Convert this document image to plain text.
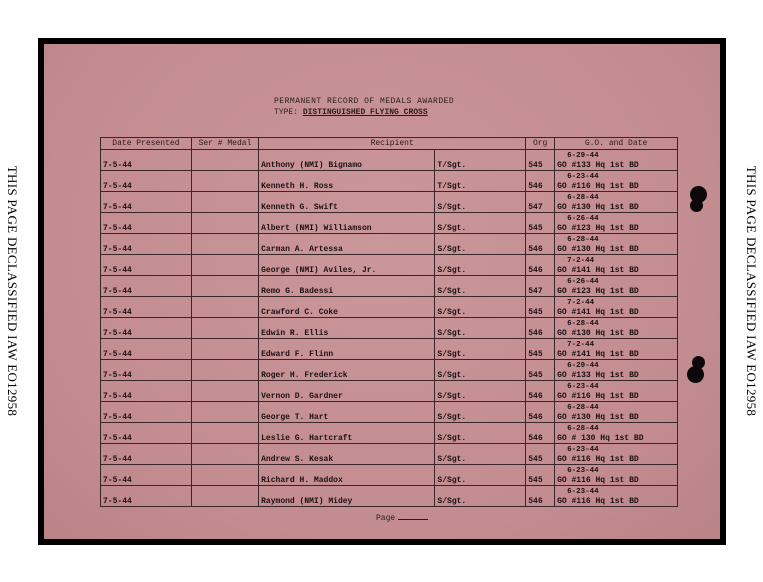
THIS PAGE DECLASSIFIED IAW EO12958	THIS PAGE DECLASSIFIED IAW EO12958
PERMANENT RECORD OF MEDALS AWARDED
TYPE: DISTINGUISHED FLYING CROSS
Date Presented	Ser # Medal	Recipient		Org	G.O. and Date
7-5-44		Anthony (NMI) Bignamo	T/Sgt.	545	6-29-44
GO #133 Hq 1st BD
7-5-44		Kenneth H. Ross	T/Sgt.	546	6-23-44
GO #116 Hq 1st BD
7-5-44		Kenneth G. Swift	S/Sgt.	547	6-28-44
GO #130 Hq 1st BD
7-5-44		Albert (NMI) Williamson	S/Sgt.	545	6-26-44
GO #123 Hq 1st BD
7-5-44		Carman A. Artessa	S/Sgt.	546	6-28-44
GO #130 Hq 1st BD
7-5-44		George (NMI) Aviles, Jr.	S/Sgt.	546	7-2-44
GO #141 Hq 1st BD
7-5-44		Remo G. Badessi	S/Sgt.	547	6-26-44
GO #123 Hq 1st BD
7-5-44		Crawford C. Coke	S/Sgt.	545	7-2-44
GO #141 Hq 1st BD
7-5-44		Edwin R. Ellis	S/Sgt.	546	6-28-44
GO #130 Hq 1st BD
7-5-44		Edward F. Flinn	S/Sgt.	545	7-2-44
GO #141 Hq 1st BD
7-5-44		Roger H. Frederick	S/Sgt.	545	6-29-44
GO #133 Hq 1st BD
7-5-44		Vernon D. Gardner	S/Sgt.	546	6-23-44
GO #116 Hq 1st BD
7-5-44		George T. Hart	S/Sgt.	546	6-28-44
GO #130 Hq 1st BD
7-5-44		Leslie G. Hartcraft	S/Sgt.	546	6-28-44
GO # 130 Hq 1st BD
7-5-44		Andrew S. Kesak	S/Sgt.	545	6-23-44
GO #116 Hq 1st BD
7-5-44		Richard H. Maddox	S/Sgt.	545	6-23-44
GO #116 Hq 1st BD
7-5-44		Raymond (NMI) Midey	S/Sgt.	546	6-23-44
GO #116 Hq 1st BD
Page
